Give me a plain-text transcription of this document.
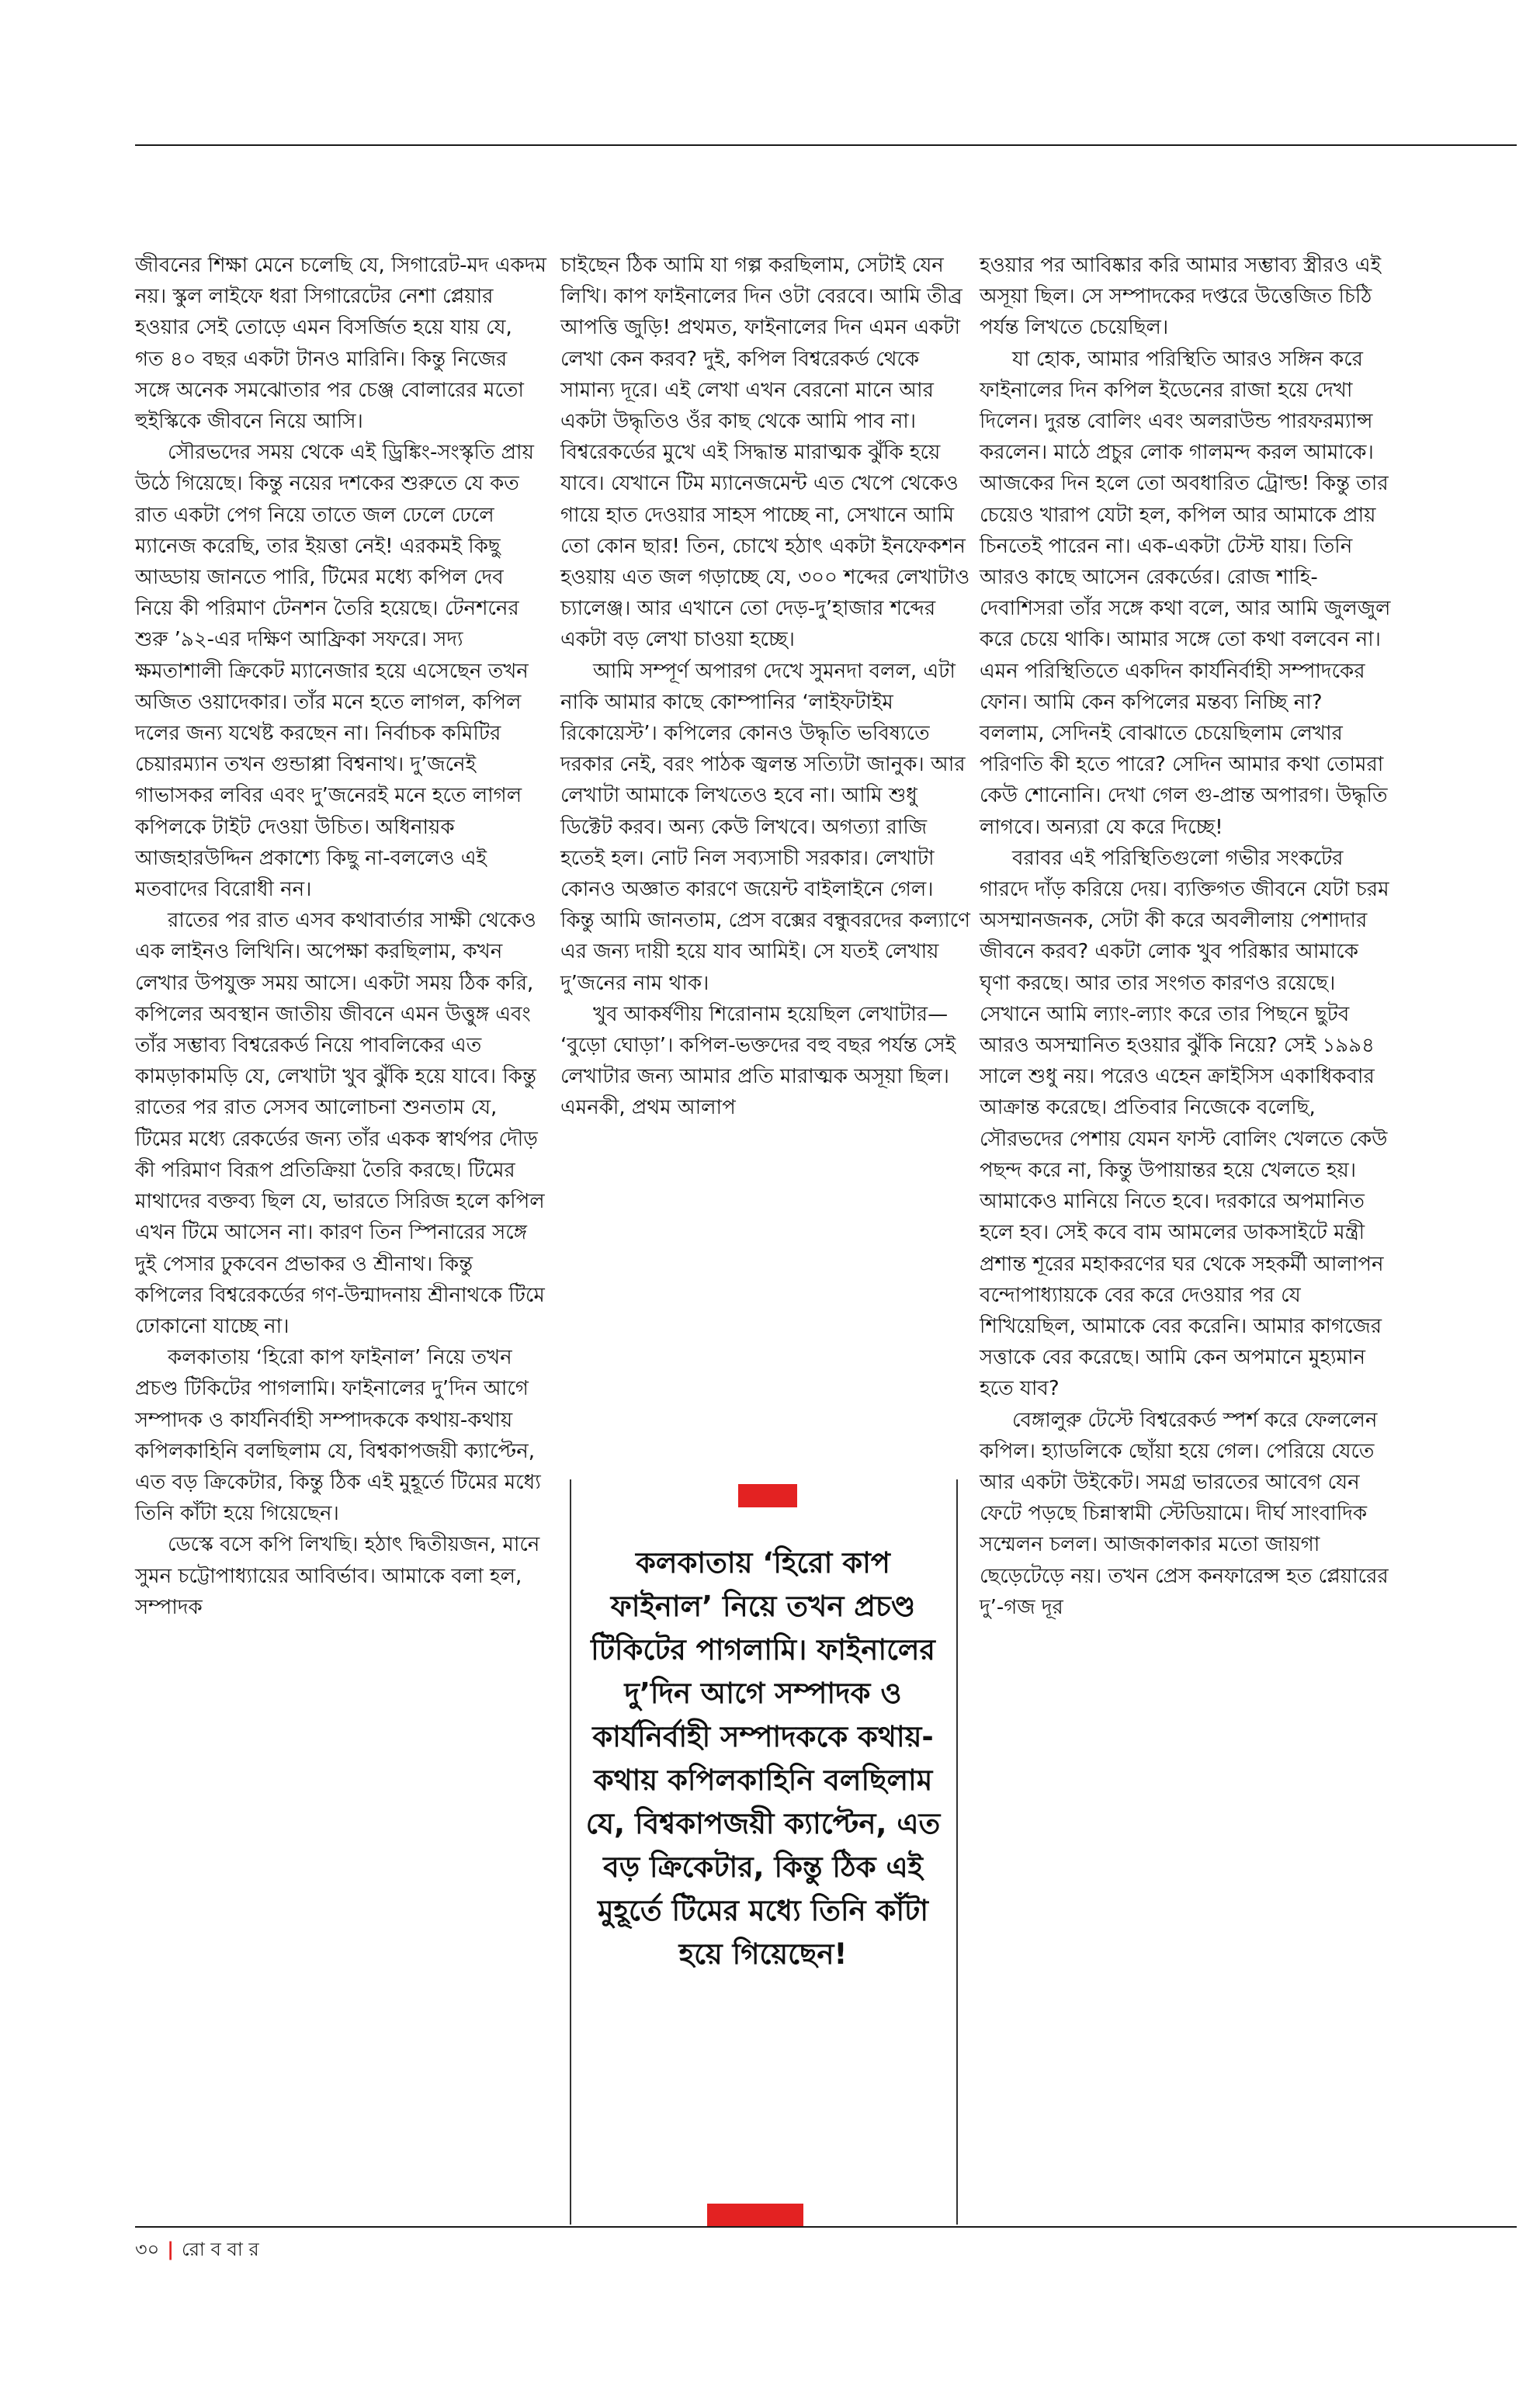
জীবনের শিক্ষা মেনে চলেছি যে, সিগারেট-মদ একদম নয়। স্কুল লাইফে ধরা সিগারেটের নেশা প্লেয়ার হওয়ার সেই তোড়ে এমন বিসর্জিত হয়ে যায় যে, গত ৪০ বছর একটা টানও মারিনি। কিন্তু নিজের সঙ্গে অনেক সমঝোতার পর চেঞ্জ বোলারের মতো হুইস্কিকে জীবনে নিয়ে আসি।

সৌরভদের সময় থেকে এই ড্রিঙ্কিং-সংস্কৃতি প্রায় উঠে গিয়েছে। কিন্তু নয়ের দশকের শুরুতে যে কত রাত একটা পেগ নিয়ে তাতে জল ঢেলে ঢেলে ম্যানেজ করেছি, তার ইয়ত্তা নেই! এরকমই কিছু আড্ডায় জানতে পারি, টিমের মধ্যে কপিল দেব নিয়ে কী পরিমাণ টেনশন তৈরি হয়েছে। টেনশনের শুরু ’৯২-এর দক্ষিণ আফ্রিকা সফরে। সদ্য ক্ষমতাশালী ক্রিকেট ম্যানেজার হয়ে এসেছেন তখন অজিত ওয়াদেকার। তাঁর মনে হতে লাগল, কপিল দলের জন্য যথেষ্ট করছেন না। নির্বাচক কমিটির চেয়ারম্যান তখন গুন্ডাপ্পা বিশ্বনাথ। দু’জনেই গাভাসকর লবির এবং দু’জনেরই মনে হতে লাগল কপিলকে টাইট দেওয়া উচিত। অধিনায়ক আজহারউদ্দিন প্রকাশ্যে কিছু না-বললেও এই মতবাদের বিরোধী নন।

রাতের পর রাত এসব কথাবার্তার সাক্ষী থেকেও এক লাইনও লিখিনি। অপেক্ষা করছিলাম, কখন লেখার উপযুক্ত সময় আসে। একটা সময় ঠিক করি, কপিলের অবস্থান জাতীয় জীবনে এমন উত্তুঙ্গ এবং তাঁর সম্ভাব্য বিশ্বরেকর্ড নিয়ে পাবলিকের এত কামড়াকামড়ি যে, লেখাটা খুব ঝুঁকি হয়ে যাবে। কিন্তু রাতের পর রাত সেসব আলোচনা শুনতাম যে, টিমের মধ্যে রেকর্ডের জন্য তাঁর একক স্বার্থপর দৌড় কী পরিমাণ বিরূপ প্রতিক্রিয়া তৈরি করছে। টিমের মাথাদের বক্তব্য ছিল যে, ভারতে সিরিজ হলে কপিল এখন টিমে আসেন না। কারণ তিন স্পিনারের সঙ্গে দুই পেসার ঢুকবেন প্রভাকর ও শ্রীনাথ। কিন্তু কপিলের বিশ্বরেকর্ডের গণ-উন্মাদনায় শ্রীনাথকে টিমে ঢোকানো যাচ্ছে না।

কলকাতায় ‘হিরো কাপ ফাইনাল’ নিয়ে তখন প্রচণ্ড টিকিটের পাগলামি। ফাইনালের দু’দিন আগে সম্পাদক ও কার্যনির্বাহী সম্পাদককে কথায়-কথায় কপিলকাহিনি বলছিলাম যে, বিশ্বকাপজয়ী ক্যাপ্টেন, এত বড় ক্রিকেটার, কিন্তু ঠিক এই মুহূর্তে টিমের মধ্যে তিনি কাঁটা হয়ে গিয়েছেন।

ডেস্কে বসে কপি লিখছি। হঠাৎ দ্বিতীয়জন, মানে সুমন চট্টোপাধ্যায়ের আবির্ভাব। আমাকে বলা হল, সম্পাদক

চাইছেন ঠিক আমি যা গল্প করছিলাম, সেটাই যেন লিখি। কাপ ফাইনালের দিন ওটা বেরবে। আমি তীব্র আপত্তি জুড়ি! প্রথমত, ফাইনালের দিন এমন একটা লেখা কেন করব? দুই, কপিল বিশ্বরেকর্ড থেকে সামান্য দূরে। এই লেখা এখন বেরনো মানে আর একটা উদ্ধৃতিও ওঁর কাছ থেকে আমি পাব না। বিশ্বরেকর্ডের মুখে এই সিদ্ধান্ত মারাত্মক ঝুঁকি হয়ে যাবে। যেখানে টিম ম্যানেজমেন্ট এত খেপে থেকেও গায়ে হাত দেওয়ার সাহস পাচ্ছে না, সেখানে আমি তো কোন ছার! তিন, চোখে হঠাৎ একটা ইনফেকশন হওয়ায় এত জল গড়াচ্ছে যে, ৩০০ শব্দের লেখাটাও চ্যালেঞ্জ। আর এখানে তো দেড়-দু’হাজার শব্দের একটা বড় লেখা চাওয়া হচ্ছে।

আমি সম্পূর্ণ অপারগ দেখে সুমনদা বলল, এটা নাকি আমার কাছে কোম্পানির ‘লাইফটাইম রিকোয়েস্ট’। কপিলের কোনও উদ্ধৃতি ভবিষ্যতে দরকার নেই, বরং পাঠক জ্বলন্ত সত্যিটা জানুক। আর লেখাটা আমাকে লিখতেও হবে না। আমি শুধু ডিক্টেট করব। অন্য কেউ লিখবে। অগত্যা রাজি হতেই হল। নোট নিল সব্যসাচী সরকার। লেখাটা কোনও অজ্ঞাত কারণে জয়েন্ট বাইলাইনে গেল। কিন্তু আমি জানতাম, প্রেস বক্সের বন্ধুবরদের কল্যাণে এর জন্য দায়ী হয়ে যাব আমিই। সে যতই লেখায় দু’জনের নাম থাক।

খুব আকর্ষণীয় শিরোনাম হয়েছিল লেখাটার— ‘বুড়ো ঘোড়া’। কপিল-ভক্তদের বহু বছর পর্যন্ত সেই লেখাটার জন্য আমার প্রতি মারাত্মক অসূয়া ছিল। এমনকী, প্রথম আলাপ

হওয়ার পর আবিষ্কার করি আমার সম্ভাব্য স্ত্রীরও এই অসূয়া ছিল। সে সম্পাদকের দপ্তরে উত্তেজিত চিঠি পর্যন্ত লিখতে চেয়েছিল।

যা হোক, আমার পরিস্থিতি আরও সঙ্গিন করে ফাইনালের দিন কপিল ইডেনের রাজা হয়ে দেখা দিলেন। দুরন্ত বোলিং এবং অলরাউন্ড পারফরম্যান্স করলেন। মাঠে প্রচুর লোক গালমন্দ করল আমাকে। আজকের দিন হলে তো অবধারিত ট্রোল্ড! কিন্তু তার চেয়েও খারাপ যেটা হল, কপিল আর আমাকে প্রায় চিনতেই পারেন না। এক-একটা টেস্ট যায়। তিনি আরও কাছে আসেন রেকর্ডের। রোজ শাহি-দেবাশিসরা তাঁর সঙ্গে কথা বলে, আর আমি জুলজুল করে চেয়ে থাকি। আমার সঙ্গে তো কথা বলবেন না। এমন পরিস্থিতিতে একদিন কার্যনির্বাহী সম্পাদকের ফোন। আমি কেন কপিলের মন্তব্য নিচ্ছি না? বললাম, সেদিনই বোঝাতে চেয়েছিলাম লেখার পরিণতি কী হতে পারে? সেদিন আমার কথা তোমরা কেউ শোনোনি। দেখা গেল গু-প্রান্ত অপারগ। উদ্ধৃতি লাগবে। অন্যরা যে করে দিচ্ছে!

বরাবর এই পরিস্থিতিগুলো গভীর সংকটের গারদে দাঁড় করিয়ে দেয়। ব্যক্তিগত জীবনে যেটা চরম অসম্মানজনক, সেটা কী করে অবলীলায় পেশাদার জীবনে করব? একটা লোক খুব পরিষ্কার আমাকে ঘৃণা করছে। আর তার সংগত কারণও রয়েছে। সেখানে আমি ল্যাং-ল্যাং করে তার পিছনে ছুটব আরও অসম্মানিত হওয়ার ঝুঁকি নিয়ে? সেই ১৯৯৪ সালে শুধু নয়। পরেও এহেন ক্রাইসিস একাধিকবার আক্রান্ত করেছে। প্রতিবার নিজেকে বলেছি, সৌরভদের পেশায় যেমন ফাস্ট বোলিং খেলতে কেউ পছন্দ করে না, কিন্তু উপায়ান্তর হয়ে খেলতে হয়। আমাকেও মানিয়ে নিতে হবে। দরকারে অপমানিত হলে হব। সেই কবে বাম আমলের ডাকসাইটে মন্ত্রী প্রশান্ত শূরের মহাকরণের ঘর থেকে সহকর্মী আলাপন বন্দোপাধ্যায়কে বের করে দেওয়ার পর যে শিখিয়েছিল, আমাকে বের করেনি। আমার কাগজের সত্তাকে বের করেছে। আমি কেন অপমানে মুহ্যমান হতে যাব?

বেঙ্গালুরু টেস্টে বিশ্বরেকর্ড স্পর্শ করে ফেললেন কপিল। হ্যাডলিকে ছোঁয়া হয়ে গেল। পেরিয়ে যেতে আর একটা উইকেট। সমগ্র ভারতের আবেগ যেন ফেটে পড়ছে চিন্নাস্বামী স্টেডিয়ামে। দীর্ঘ সাংবাদিক সম্মেলন চলল। আজকালকার মতো জায়গা ছেড়েটেড়ে নয়। তখন প্রেস কনফারেন্স হত প্লেয়ারের দু’-গজ দূর

কলকাতায় ‘হিরো কাপ ফাইনাল’ নিয়ে তখন প্রচণ্ড টিকিটের পাগলামি। ফাইনালের দু’দিন আগে সম্পাদক ও কার্যনির্বাহী সম্পাদককে কথায়-কথায় কপিলকাহিনি বলছিলাম যে, বিশ্বকাপজয়ী ক্যাপ্টেন, এত বড় ক্রিকেটার, কিন্তু ঠিক এই মুহূর্তে টিমের মধ্যে তিনি কাঁটা হয়ে গিয়েছেন!
৩০ | রো ব বা র
